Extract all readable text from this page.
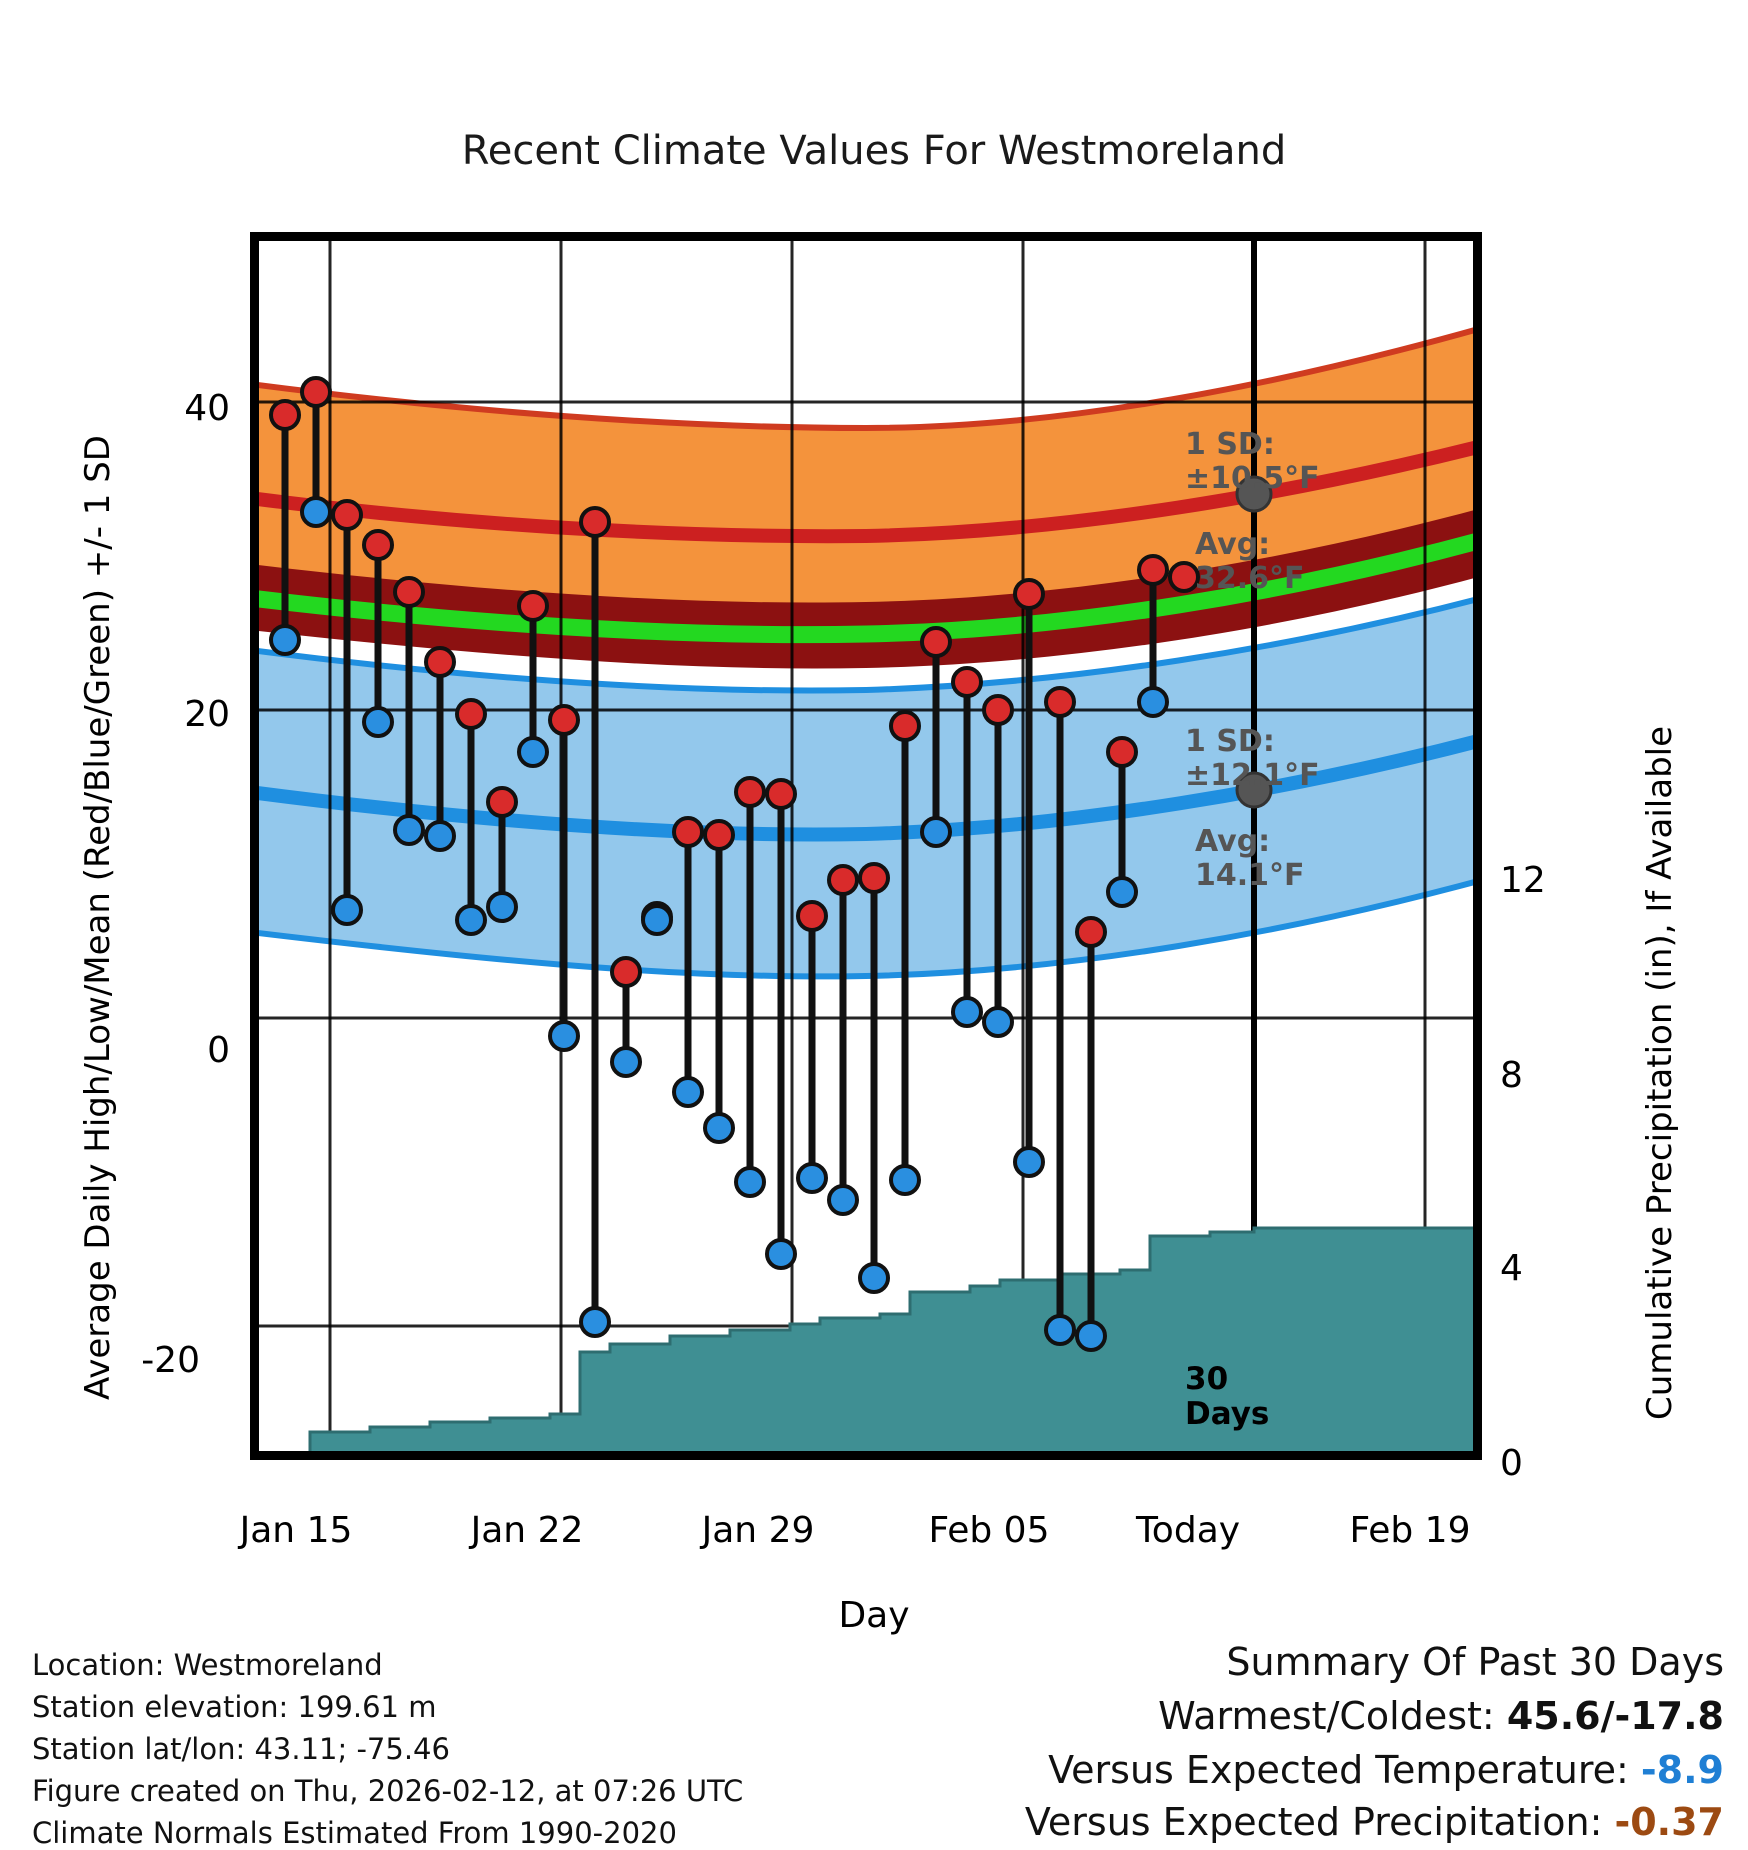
Recent Climate Values For Westmoreland
Average Daily High/Low/Mean (Red/Blue/Green) +/- 1 SD	Cumulative Precipitation (in), If Available
40
20
0
-20
12
8
4
0
Jan 15	Jan 22	Jan 29	Feb 05	Today	Feb 19
Day
1 SD:
±10.5°F
Avg:
32.6°F
1 SD:
±12.1°F
Avg:
14.1°F
30
Days
Location: Westmoreland
Station elevation: 199.61 m
Station lat/lon: 43.11; -75.46
Figure created on Thu, 2026-02-12, at 07:26 UTC
Climate Normals Estimated From 1990-2020
Summary Of Past 30 Days
Warmest/Coldest: 45.6/-17.8
Versus Expected Temperature: -8.9
Versus Expected Precipitation: -0.37
